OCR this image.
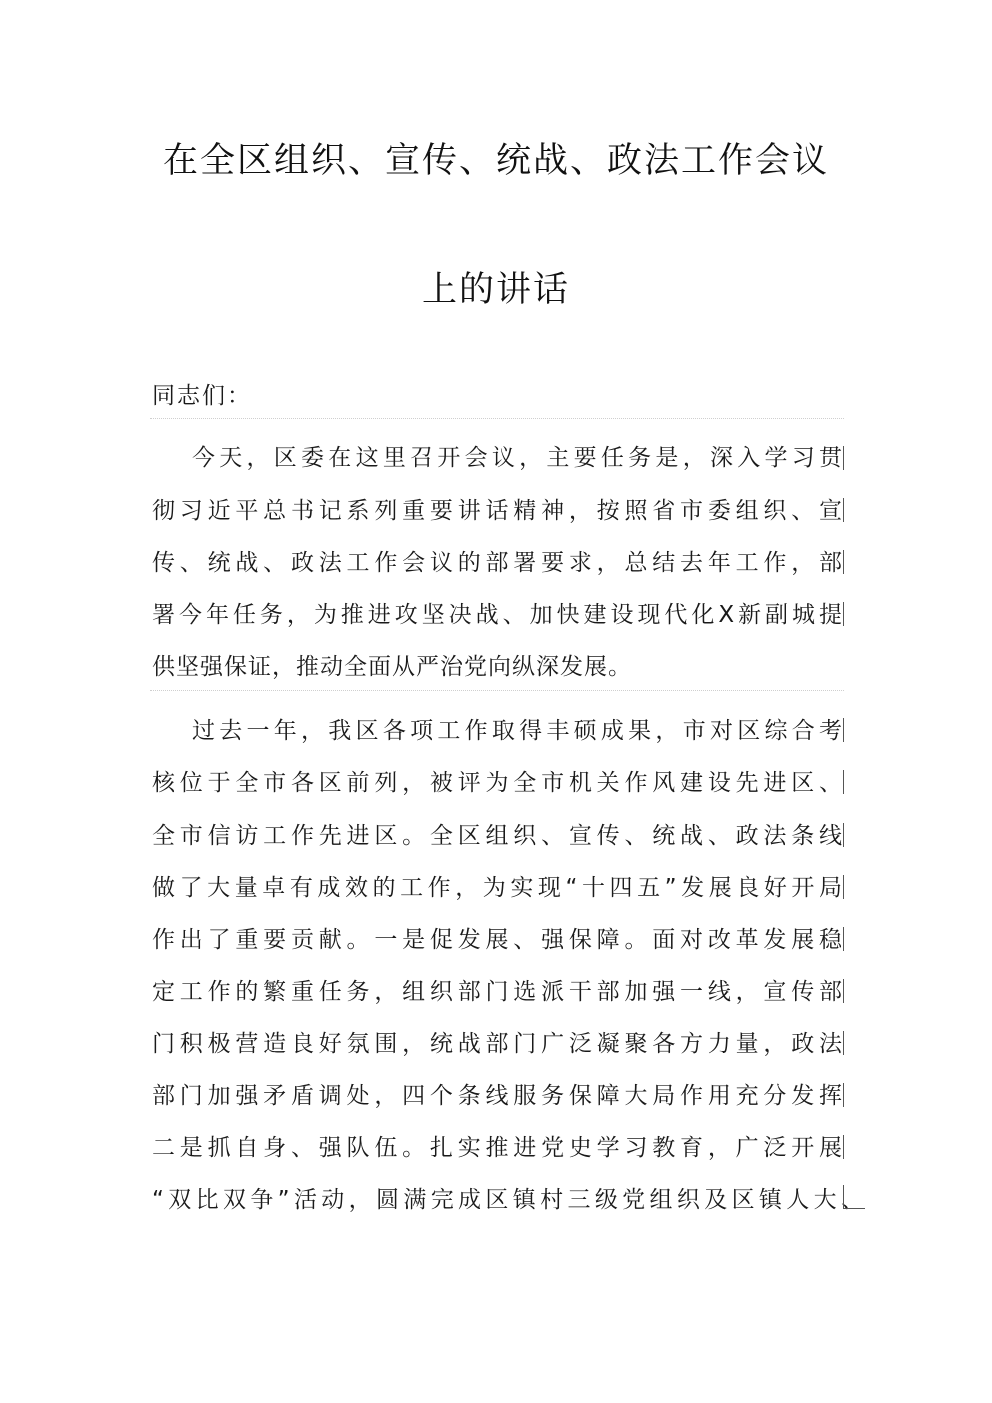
在全区组织、宣传、统战、政法工作会议
上的讲话
同志们：
今天，区委在这里召开会议，主要任务是，深入学习贯
彻习近平总书记系列重要讲话精神，按照省市委组织、宣
传、统战、政法工作会议的部署要求，总结去年工作，部
署今年任务，为推进攻坚决战、加快建设现代化X新副城提
供坚强保证，推动全面从严治党向纵深发展。
过去一年，我区各项工作取得丰硕成果，市对区综合考
核位于全市各区前列，被评为全市机关作风建设先进区、
全市信访工作先进区。全区组织、宣传、统战、政法条线
做了大量卓有成效的工作，为实现“十四五”发展良好开局
作出了重要贡献。一是促发展、强保障。面对改革发展稳
定工作的繁重任务，组织部门选派干部加强一线，宣传部
门积极营造良好氛围，统战部门广泛凝聚各方力量，政法
部门加强矛盾调处，四个条线服务保障大局作用充分发挥
二是抓自身、强队伍。扎实推进党史学习教育，广泛开展
“双比双争”活动，圆满完成区镇村三级党组织及区镇人大、
